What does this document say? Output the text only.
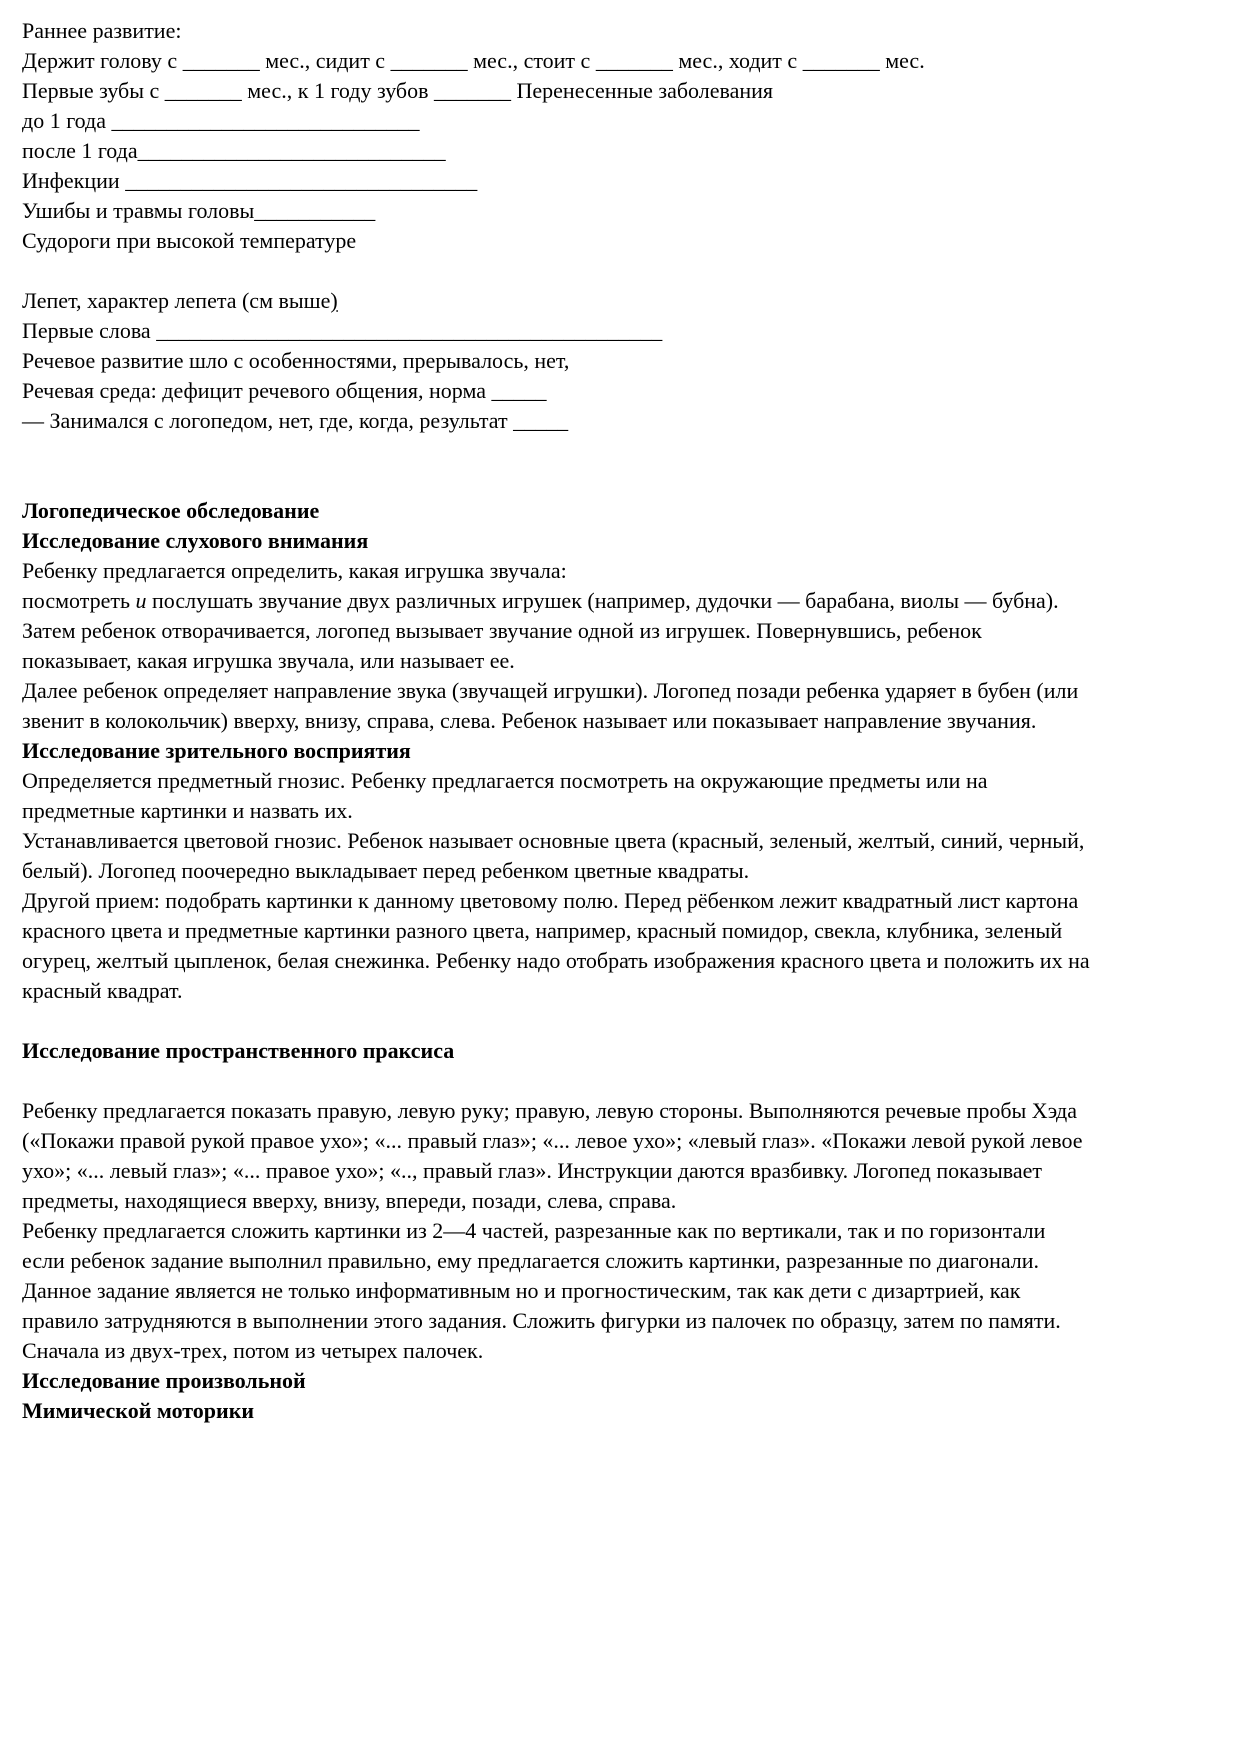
Раннее развитие:

Держит голову с _______ мес., сидит с _______ мес., стоит с _______ мес., ходит с _______ мес.

Первые зубы с _______ мес., к 1 году зубов _______ Перенесенные заболевания

до 1 года ____________________________

после 1 года____________________________

Инфекции ________________________________

Ушибы и травмы головы___________

Судороги при высокой температуре

Лепет, характер лепета (см выше)

Первые слова ______________________________________________

Речевое развитие шло с особенностями, прерывалось, нет,

Речевая среда: дефицит речевого общения, норма _____

— Занимался с логопедом, нет, где, когда, результат _____

Логопедическое обследование

Исследование слухового внимания

Ребенку предлагается определить, какая игрушка звучала:

посмотреть и послушать звучание двух различных игрушек (например, дудочки — барабана, виолы — бубна). Затем ребенок отворачивается, логопед вызывает звучание одной из игрушек. Повернувшись, ребенок показывает, какая игрушка звучала, или называет ее.

Далее ребенок определяет направление звука (звучащей игрушки). Логопед позади ребенка ударяет в бубен (или звенит в колокольчик) вверху, внизу, справа, слева. Ребенок называет или показывает направление звучания.

Исследование зрительного восприятия

Определяется предметный гнозис. Ребенку предлагается посмотреть на окружающие предметы или на предметные картинки и назвать их.

Устанавливается цветовой гнозис. Ребенок называет основные цвета (красный, зеленый, желтый, синий, черный, белый). Логопед поочередно выкладывает перед ребенком цветные квадраты.

Другой прием: подобрать картинки к данному цветовому полю. Перед рёбенком лежит квадратный лист картона красного цвета и предметные картинки разного цвета, например, красный помидор, свекла, клубника, зеленый огурец, желтый цыпленок, белая снежинка. Ребенку надо отобрать изображения красного цвета и положить их на красный квадрат.

Исследование пространственного праксиса

Ребенку предлагается показать правую, левую руку; правую, левую стороны. Выполняются речевые пробы Хэда («Покажи правой рукой правое ухо»; «... правый глаз»; «... левое ухо»; «левый глаз». «Покажи левой рукой левое ухо»; «... левый глаз»; «... правое ухо»; «.., правый глаз». Инструкции даются вразбивку. Логопед показывает предметы, находящиеся вверху, внизу, впереди, позади, слева, справа.

Ребенку предлагается сложить картинки из 2—4 частей, разрезанные как по вертикали, так и по горизонтали если ребенок задание выполнил правильно, ему предлагается сложить картинки, разрезанные по диагонали. Данное задание является не только информативным но и прогностическим, так как дети с дизартрией, как правило затрудняются в выполнении этого задания. Сложить фигурки из палочек по образцу, затем по памяти. Сначала из двух-трех, потом из четырех палочек.

Исследование произвольной

Мимической моторики
